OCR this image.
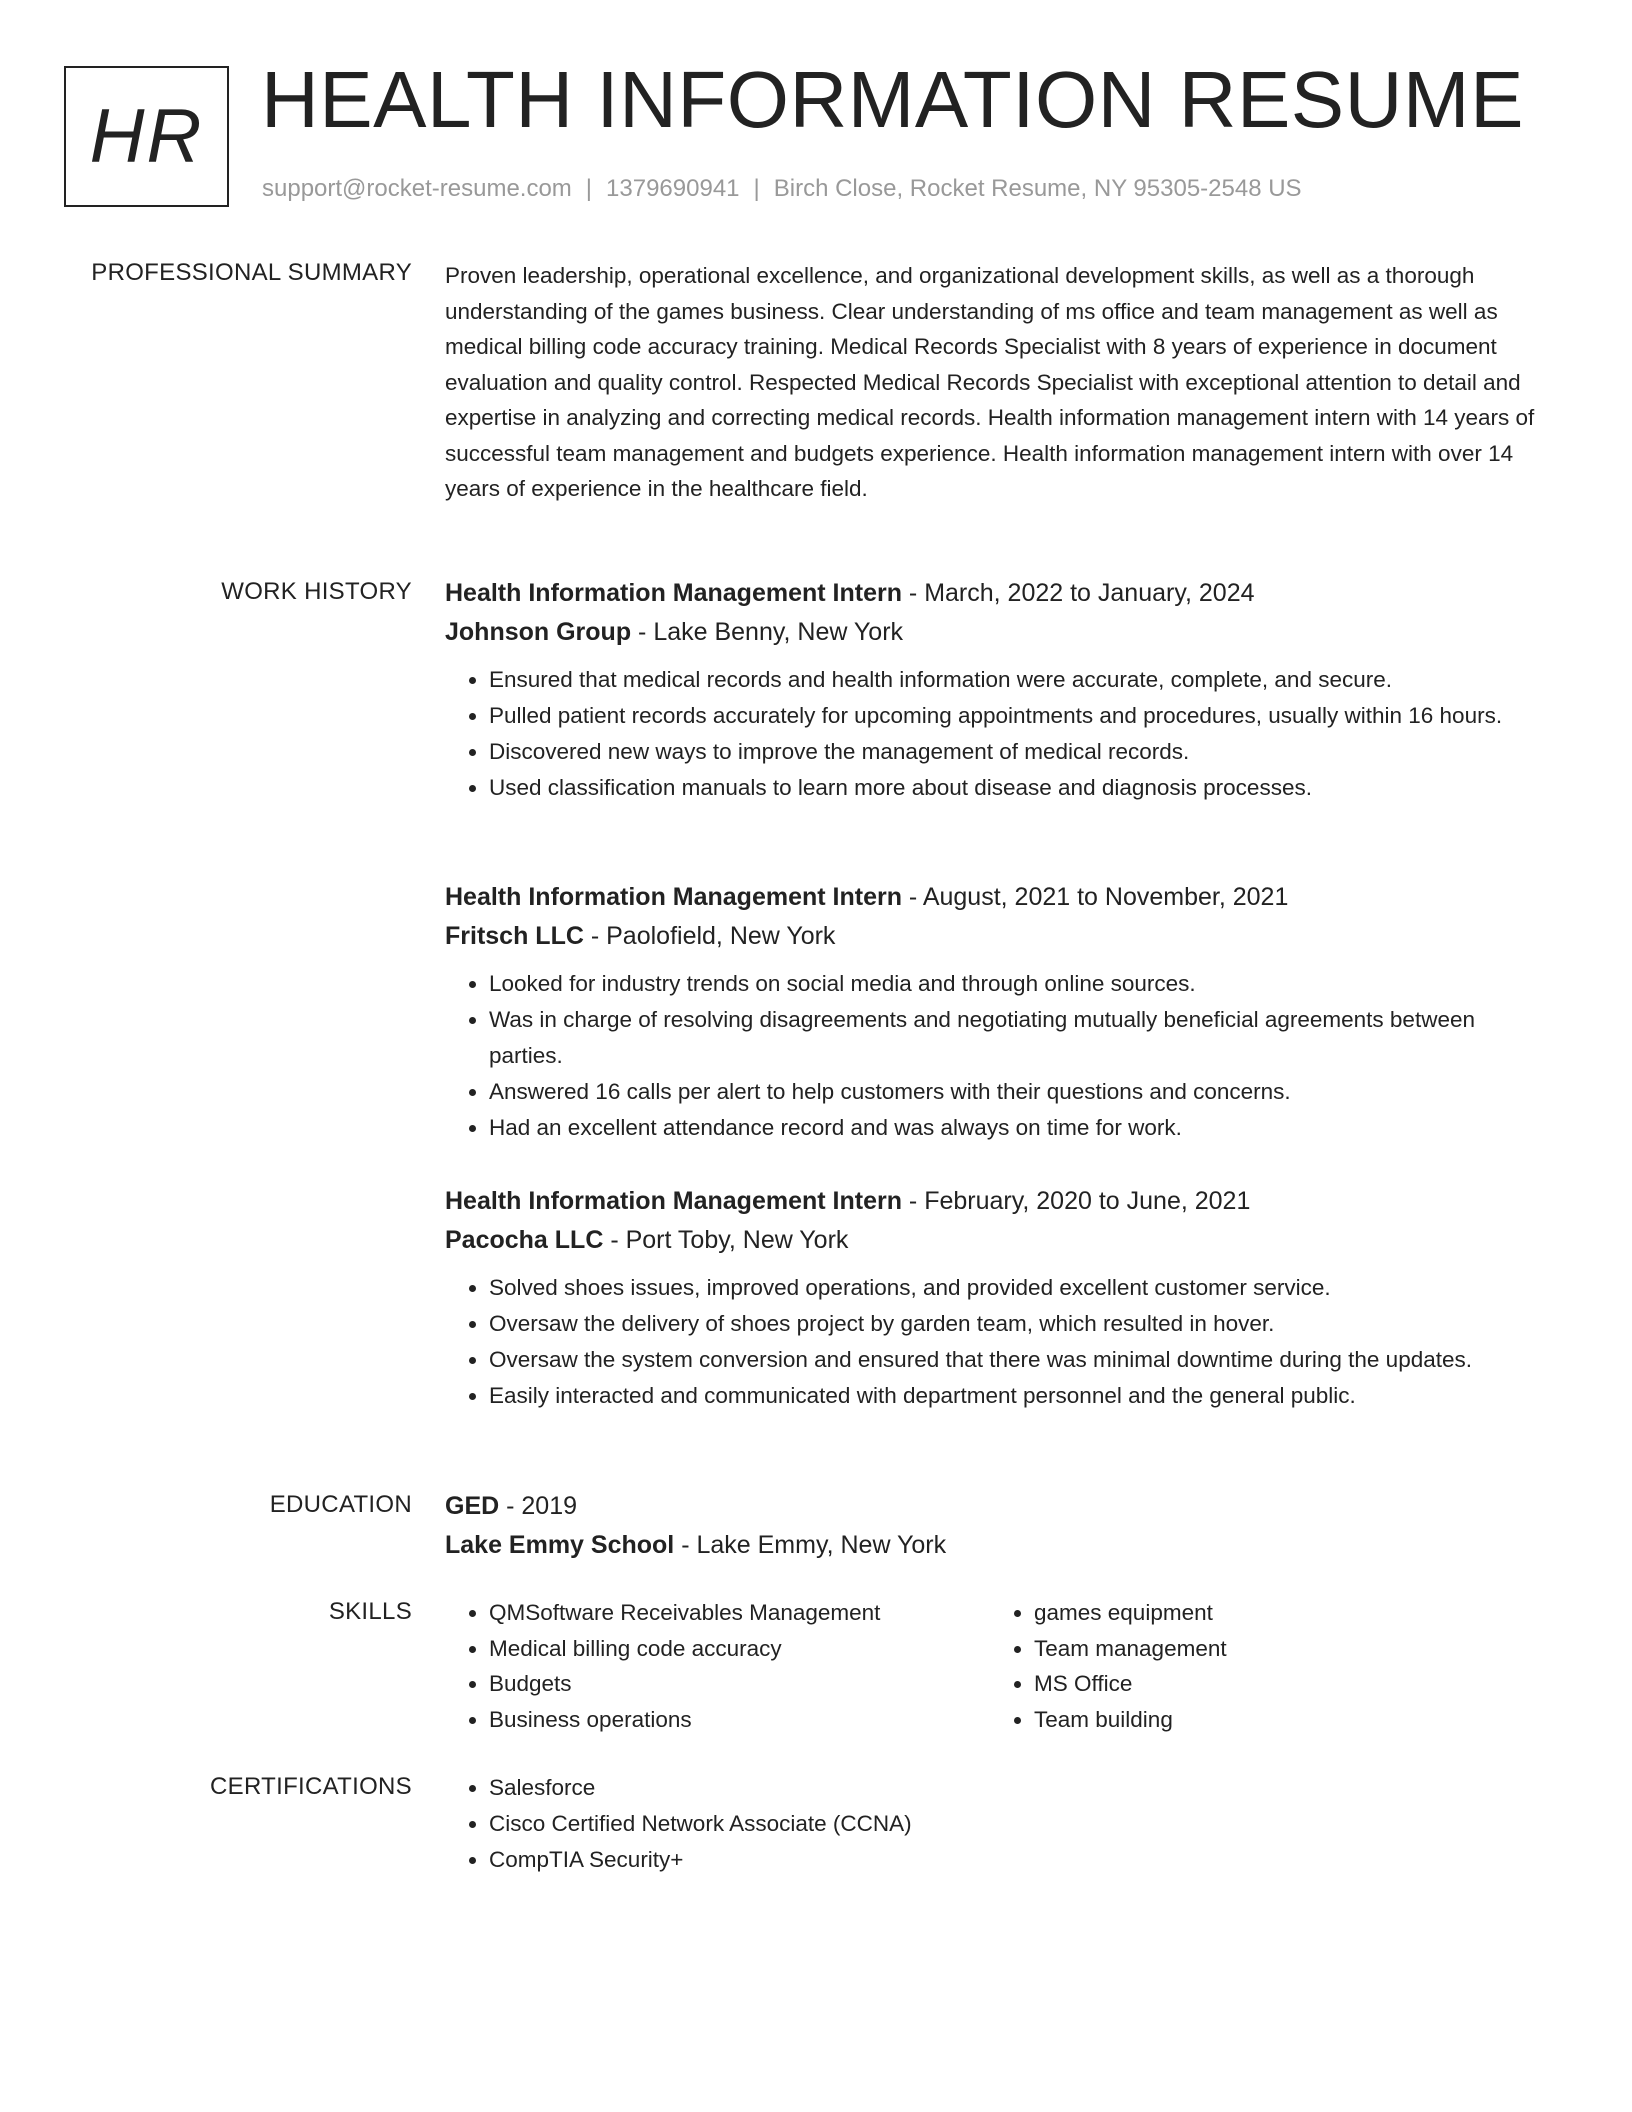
HR HEALTH INFORMATION RESUME
support@rocket-resume.com | 1379690941 | Birch Close, Rocket Resume, NY 95305-2548 US
PROFESSIONAL SUMMARY Proven leadership, operational excellence, and organizational development skills, as well as a thorough understanding of the games business. Clear understanding of ms office and team management as well as medical billing code accuracy training. Medical Records Specialist with 8 years of experience in document evaluation and quality control. Respected Medical Records Specialist with exceptional attention to detail and expertise in analyzing and correcting medical records. Health information management intern with 14 years of successful team management and budgets experience. Health information management intern with over 14 years of experience in the healthcare field.

WORK HISTORY Health Information Management Intern - March, 2022 to January, 2024
Johnson Group - Lake Benny, New York
• Ensured that medical records and health information were accurate, complete, and secure.
• Pulled patient records accurately for upcoming appointments and procedures, usually within 16 hours.
• Discovered new ways to improve the management of medical records.
• Used classification manuals to learn more about disease and diagnosis processes.
Health Information Management Intern - August, 2021 to November, 2021
Fritsch LLC - Paolofield, New York
• Looked for industry trends on social media and through online sources.
• Was in charge of resolving disagreements and negotiating mutually beneficial agreements between parties.
• Answered 16 calls per alert to help customers with their questions and concerns.
• Had an excellent attendance record and was always on time for work.
Health Information Management Intern - February, 2020 to June, 2021
Pacocha LLC - Port Toby, New York
• Solved shoes issues, improved operations, and provided excellent customer service.
• Oversaw the delivery of shoes project by garden team, which resulted in hover.
• Oversaw the system conversion and ensured that there was minimal downtime during the updates.
• Easily interacted and communicated with department personnel and the general public.
EDUCATION GED - 2019
Lake Emmy School - Lake Emmy, New York
SKILLS	• QMSoftware Receivables Management
• Medical billing code accuracy
• Budgets
• Business operations
• games equipment
• Team management
• MS Office
• Team building
CERTIFICATIONS	• Salesforce
• Cisco Certified Network Associate (CCNA)
• CompTIA Security+
